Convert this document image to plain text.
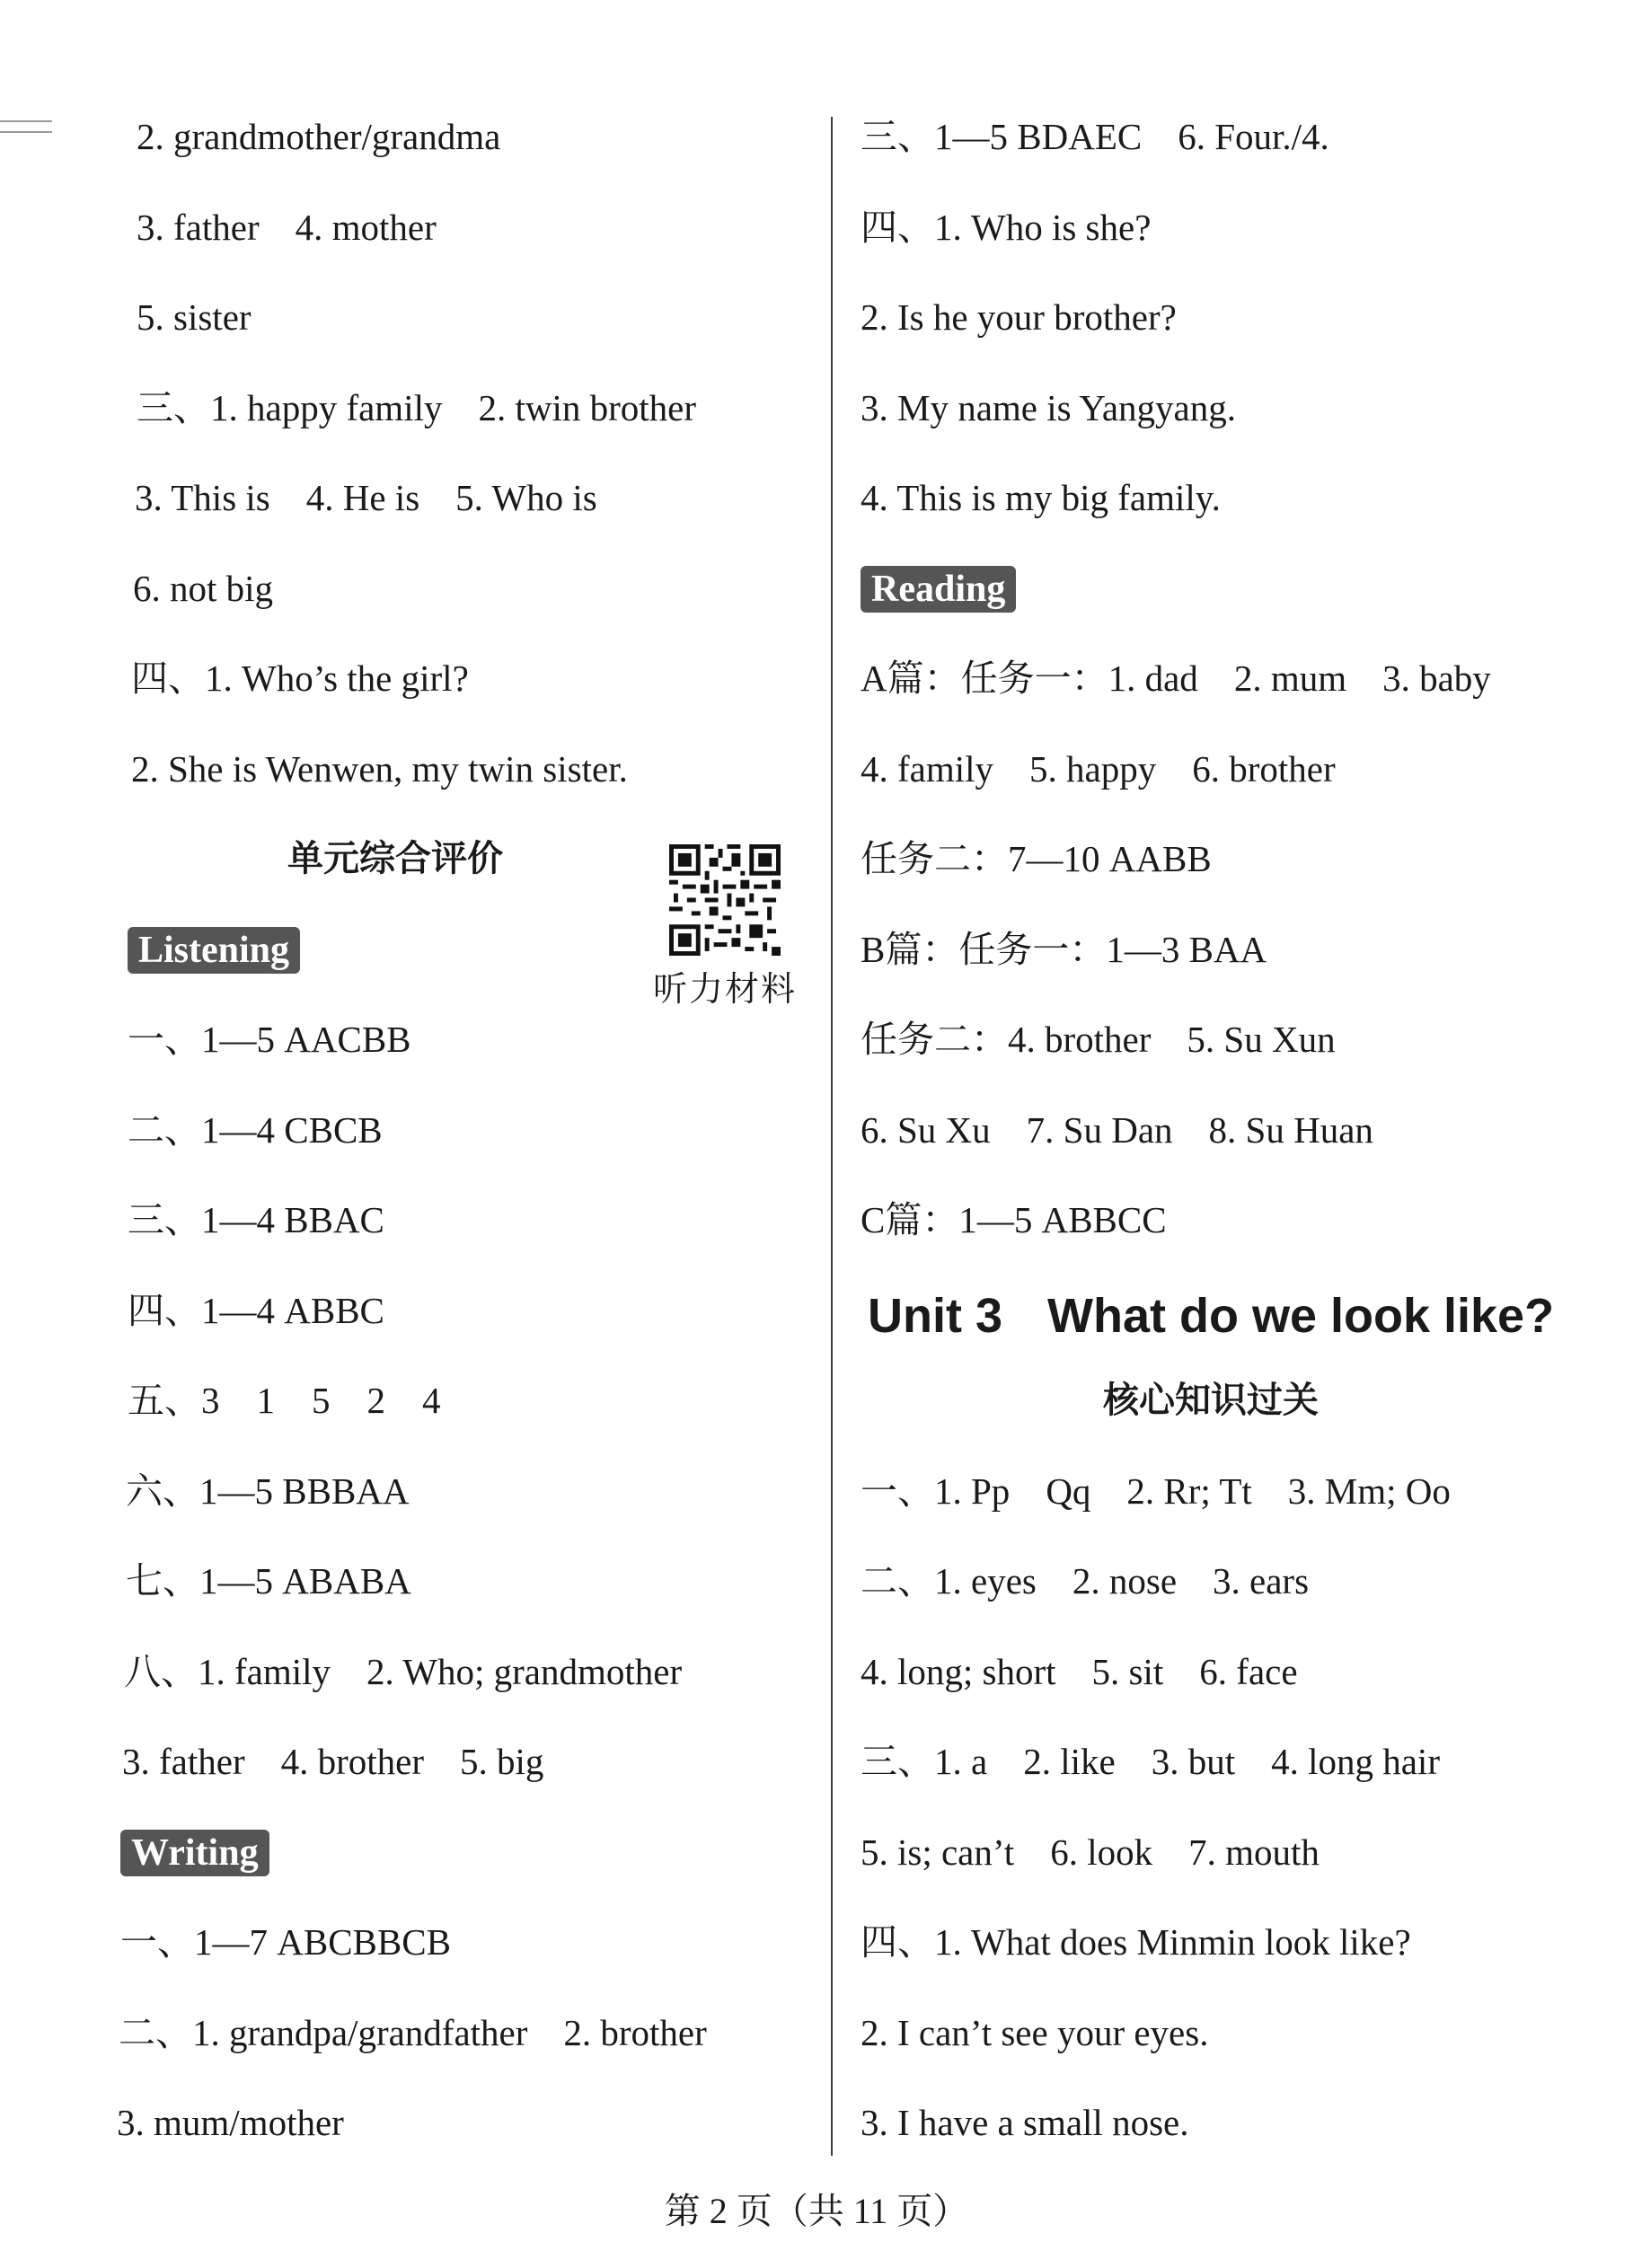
2. grandmother/grandma
3. father 4. mother
5. sister
三、1. happy family 2. twin brother
3. This is 4. He is 5. Who is
6. not big
四、1. Who’s the girl?
2. She is Wenwen, my twin sister.
单元综合评价
Listening
一、1—5 AACBB
二、1—4 CBCB
三、1—4 BBAC
四、1—4 ABBC
五、3　1　5　2　4
六、1—5 BBBAA
七、1—5 ABABA
八、1. family 2. Who; grandmother
3. father 4. brother 5. big
Writing
一、1—7 ABCBBCB
二、1. grandpa/grandfather 2. brother
3. mum/mother
听力材料
三、1—5 BDAEC 6. Four./4.
四、1. Who is she?
2. Is he your brother?
3. My name is Yangyang.
4. This is my big family.
Reading
A篇：任务一：1. dad 2. mum 3. baby
4. family 5. happy 6. brother
任务二：7—10 AABB
B篇：任务一：1—3 BAA
任务二：4. brother 5. Su Xun
6. Su Xu 7. Su Dan 8. Su Huan
C篇：1—5 ABBCC
Unit 3 What do we look like?
核心知识过关
一、1. Pp Qq 2. Rr; Tt 3. Mm; Oo
二、1. eyes 2. nose 3. ears
4. long; short 5. sit 6. face
三、1. a 2. like 3. but 4. long hair
5. is; can’t 6. look 7. mouth
四、1. What does Minmin look like?
2. I can’t see your eyes.
3. I have a small nose.
第 2 页（共 11 页）
